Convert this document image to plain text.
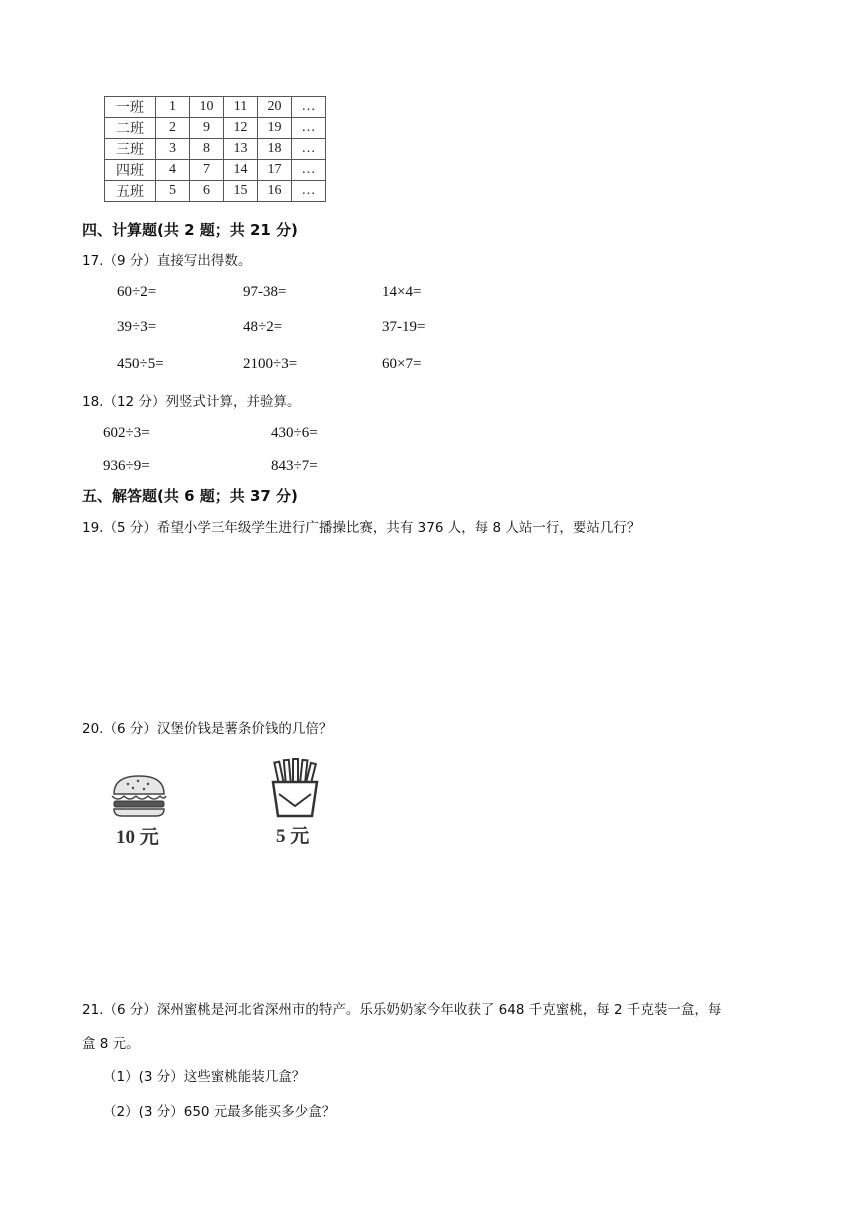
一班	1	10	11	20	…
二班	2	9	12	19	…
三班	3	8	13	18	…
四班	4	7	14	17	…
五班	5	6	15	16	…
四、计算题(共 2 题；共 21 分)
17.（9 分）直接写出得数。
60÷2=	97-38=	14×4=
39÷3=	48÷2=	37-19=
450÷5=	2100÷3=	60×7=
18.（12 分）列竖式计算，并验算。
602÷3=	430÷6=
936÷9=	843÷7=
五、解答题(共 6 题；共 37 分)
19.（5 分）希望小学三年级学生进行广播操比赛，共有 376 人，每 8 人站一行，要站几行？
20.（6 分）汉堡价钱是薯条价钱的几倍？
10 元	5 元
21.（6 分）深州蜜桃是河北省深州市的特产。乐乐奶奶家今年收获了 648 千克蜜桃，每 2 千克装一盒，每
盒 8 元。
（1）(3 分）这些蜜桃能装几盒？
（2）(3 分）650 元最多能买多少盒？
